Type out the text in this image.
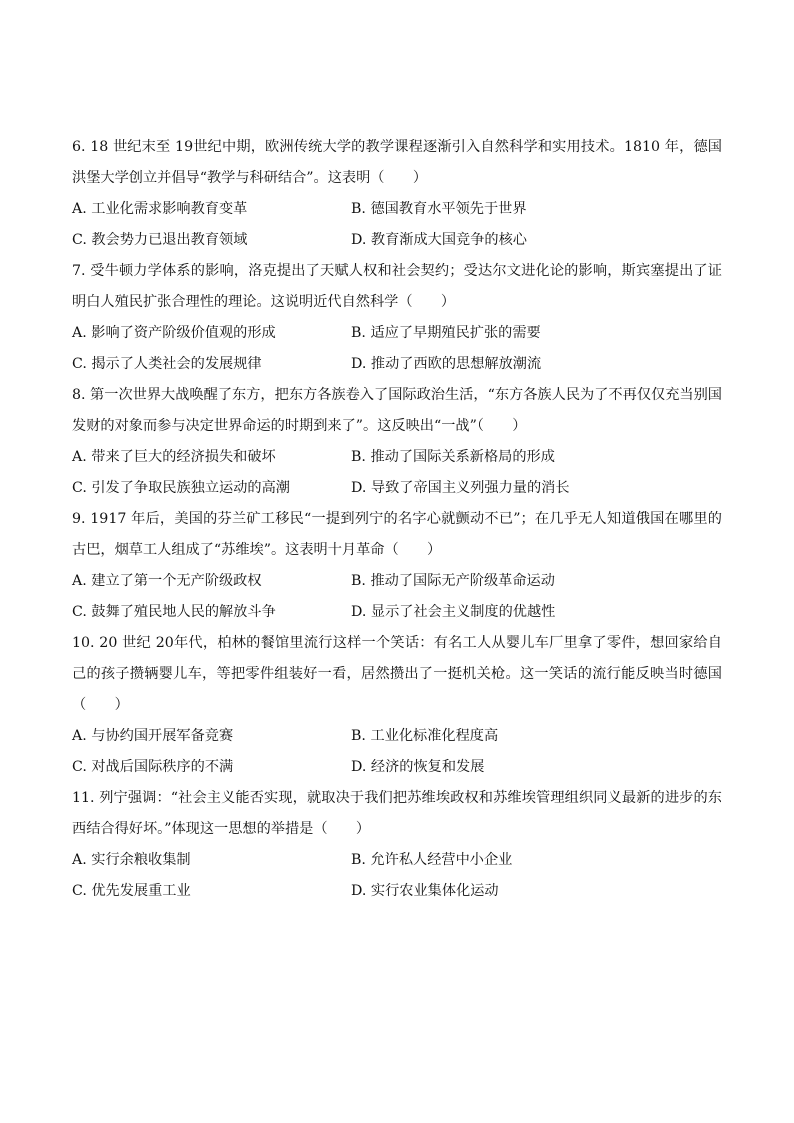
6. 18 世纪末至 19世纪中期，欧洲传统大学的教学课程逐渐引入自然科学和实用技术。1810 年，德国洪堡大学创立并倡导“教学与科研结合”。这表明（　　）

A. 工业化需求影响教育变革	B. 德国教育水平领先于世界
C. 教会势力已退出教育领域	D. 教育渐成大国竞争的核心

7. 受牛顿力学体系的影响，洛克提出了天赋人权和社会契约；受达尔文进化论的影响，斯宾塞提出了证明白人殖民扩张合理性的理论。这说明近代自然科学（　　）

A. 影响了资产阶级价值观的形成	B. 适应了早期殖民扩张的需要
C. 揭示了人类社会的发展规律	D. 推动了西欧的思想解放潮流

8. 第一次世界大战唤醒了东方，把东方各族卷入了国际政治生活，“东方各族人民为了不再仅仅充当别国发财的对象而参与决定世界命运的时期到来了”。这反映出“一战”（　　）

A. 带来了巨大的经济损失和破坏	B. 推动了国际关系新格局的形成
C. 引发了争取民族独立运动的高潮	D. 导致了帝国主义列强力量的消长

9. 1917 年后，美国的芬兰矿工移民“一提到列宁的名字心就颤动不已”；在几乎无人知道俄国在哪里的古巴，烟草工人组成了“苏维埃”。这表明十月革命（　　）

A. 建立了第一个无产阶级政权	B. 推动了国际无产阶级革命运动
C. 鼓舞了殖民地人民的解放斗争	D. 显示了社会主义制度的优越性

10. 20 世纪 20年代，柏林的餐馆里流行这样一个笑话：有名工人从婴儿车厂里拿了零件，想回家给自己的孩子攒辆婴儿车，等把零件组装好一看，居然攒出了一挺机关枪。这一笑话的流行能反映当时德国（　　）

A. 与协约国开展军备竞赛	B. 工业化标准化程度高
C. 对战后国际秩序的不满	D. 经济的恢复和发展

11. 列宁强调：“社会主义能否实现，就取决于我们把苏维埃政权和苏维埃管理组织同义最新的进步的东西结合得好坏。”体现这一思想的举措是（　　）

A. 实行余粮收集制	B. 允许私人经营中小企业
C. 优先发展重工业	D. 实行农业集体化运动
